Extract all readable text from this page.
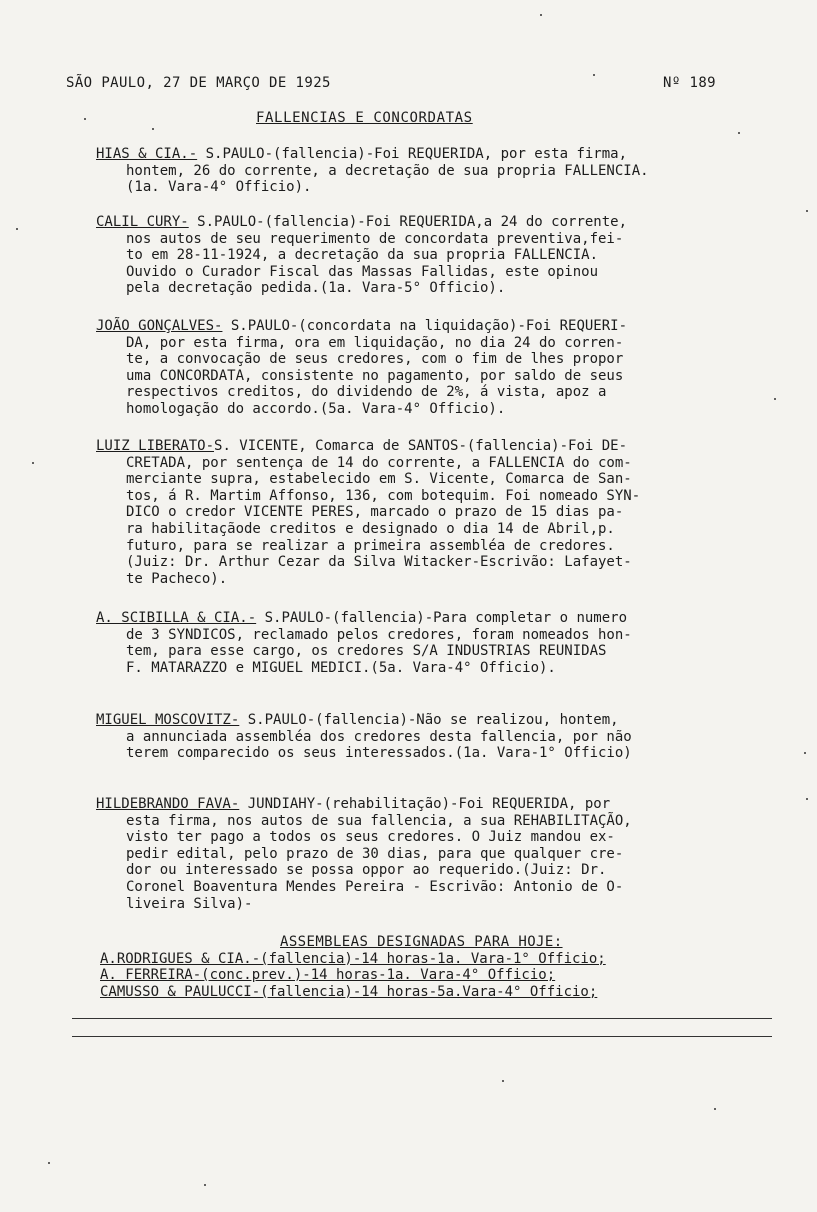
SÃO PAULO, 27 DE MARÇO DE 1925	Nº 189
FALLENCIAS E CONCORDATAS

HIAS & CIA.- S.PAULO-(fallencia)-Foi REQUERIDA, por esta firma,

hontem, 26 do corrente, a decretação de sua propria FALLENCIA.

(1a. Vara-4° Officio).

CALIL CURY- S.PAULO-(fallencia)-Foi REQUERIDA,a 24 do corrente,

nos autos de seu requerimento de concordata preventiva,fei-

to em 28-11-1924, a decretação da sua propria FALLENCIA.

Ouvido o Curador Fiscal das Massas Fallidas, este opinou

pela decretação pedida.(1a. Vara-5° Officio).

JOÃO GONÇALVES- S.PAULO-(concordata na liquidação)-Foi REQUERI-

DA, por esta firma, ora em liquidação, no dia 24 do corren-

te, a convocação de seus credores, com o fim de lhes propor

uma CONCORDATA, consistente no pagamento, por saldo de seus

respectivos creditos, do dividendo de 2%, á vista, apoz a

homologação do accordo.(5a. Vara-4° Officio).

LUIZ LIBERATO-S. VICENTE, Comarca de SANTOS-(fallencia)-Foi DE-

CRETADA, por sentença de 14 do corrente, a FALLENCIA do com-

merciante supra, estabelecido em S. Vicente, Comarca de San-

tos, á R. Martim Affonso, 136, com botequim. Foi nomeado SYN-

DICO o credor VICENTE PERES, marcado o prazo de 15 dias pa-

ra habilitaçãode creditos e designado o dia 14 de Abril,p.

futuro, para se realizar a primeira assembléa de credores.

(Juiz: Dr. Arthur Cezar da Silva Witacker-Escrivão: Lafayet-

te Pacheco).

A. SCIBILLA & CIA.- S.PAULO-(fallencia)-Para completar o numero

de 3 SYNDICOS, reclamado pelos credores, foram nomeados hon-

tem, para esse cargo, os credores S/A INDUSTRIAS REUNIDAS

F. MATARAZZO e MIGUEL MEDICI.(5a. Vara-4° Officio).

MIGUEL MOSCOVITZ- S.PAULO-(fallencia)-Não se realizou, hontem,

a annunciada assembléa dos credores desta fallencia, por não

terem comparecido os seus interessados.(1a. Vara-1° Officio)

HILDEBRANDO FAVA- JUNDIAHY-(rehabilitação)-Foi REQUERIDA, por

esta firma, nos autos de sua fallencia, a sua REHABILITAÇÃO,

visto ter pago a todos os seus credores. O Juiz mandou ex-

pedir edital, pelo prazo de 30 dias, para que qualquer cre-

dor ou interessado se possa oppor ao requerido.(Juiz: Dr.

Coronel Boaventura Mendes Pereira - Escrivão: Antonio de O-

liveira Silva)-

ASSEMBLEAS DESIGNADAS PARA HOJE:

A.RODRIGUES & CIA.-(fallencia)-14 horas-1a. Vara-1° Officio;

A. FERREIRA-(conc.prev.)-14 horas-1a. Vara-4° Officio;

CAMUSSO & PAULUCCI-(fallencia)-14 horas-5a.Vara-4° Officio;
